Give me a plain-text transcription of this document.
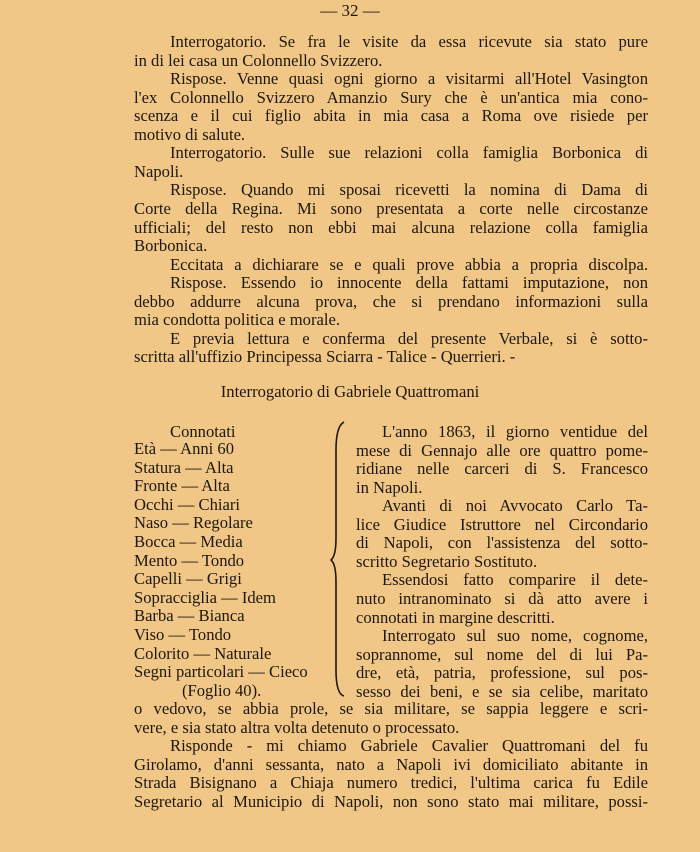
— 32 —
Interrogatorio. Se fra le visite da essa ricevute sia stato pure
in di lei casa un Colonnello Svizzero.
Rispose. Venne quasi ogni giorno a visitarmi all'Hotel Vasington
l'ex Colonnello Svizzero Amanzio Sury che è un'antica mia cono-
scenza e il cui figlio abita in mia casa a Roma ove risiede per
motivo di salute.
Interrogatorio. Sulle sue relazioni colla famiglia Borbonica di
Napoli.
Rispose. Quando mi sposai ricevetti la nomina di Dama di
Corte della Regina. Mi sono presentata a corte nelle circostanze
ufficiali; del resto non ebbi mai alcuna relazione colla famiglia
Borbonica.
Eccitata a dichiarare se e quali prove abbia a propria discolpa.
Rispose. Essendo io innocente della fattami imputazione, non
debbo addurre alcuna prova, che si prendano informazioni sulla
mia condotta politica e morale.
E previa lettura e conferma del presente Verbale, si è sotto-
scritta all'uffizio Principessa Sciarra - Talice - Querrieri. -
Interrogatorio di Gabriele Quattromani
Connotati
Età — Anni 60
Statura — Alta
Fronte — Alta
Occhi — Chiari
Naso — Regolare
Bocca — Media
Mento — Tondo
Capelli — Grigi
Sopracciglia — Idem
Barba — Bianca
Viso — Tondo
Colorito — Naturale
Segni particolari — Cieco
(Foglio 40).
L'anno 1863, il giorno ventidue del
mese di Gennajo alle ore quattro pome-
ridiane nelle carceri di S. Francesco
in Napoli.
Avanti di noi Avvocato Carlo Ta-
lice Giudice Istruttore nel Circondario
di Napoli, con l'assistenza del sotto-
scritto Segretario Sostituto.
Essendosi fatto comparire il dete-
nuto intranominato si dà atto avere i
connotati in margine descritti.
Interrogato sul suo nome, cognome,
soprannome, sul nome del di lui Pa-
dre, età, patria, professione, sul pos-
sesso dei beni, e se sia celibe, maritato
o vedovo, se abbia prole, se sia militare, se sappia leggere e scri-
vere, e sia stato altra volta detenuto o processato.
Risponde - mi chiamo Gabriele Cavalier Quattromani del fu
Girolamo, d'anni sessanta, nato a Napoli ivi domiciliato abitante in
Strada Bisignano a Chiaja numero tredici, l'ultima carica fu Edile
Segretario al Municipio di Napoli, non sono stato mai militare, possi-
